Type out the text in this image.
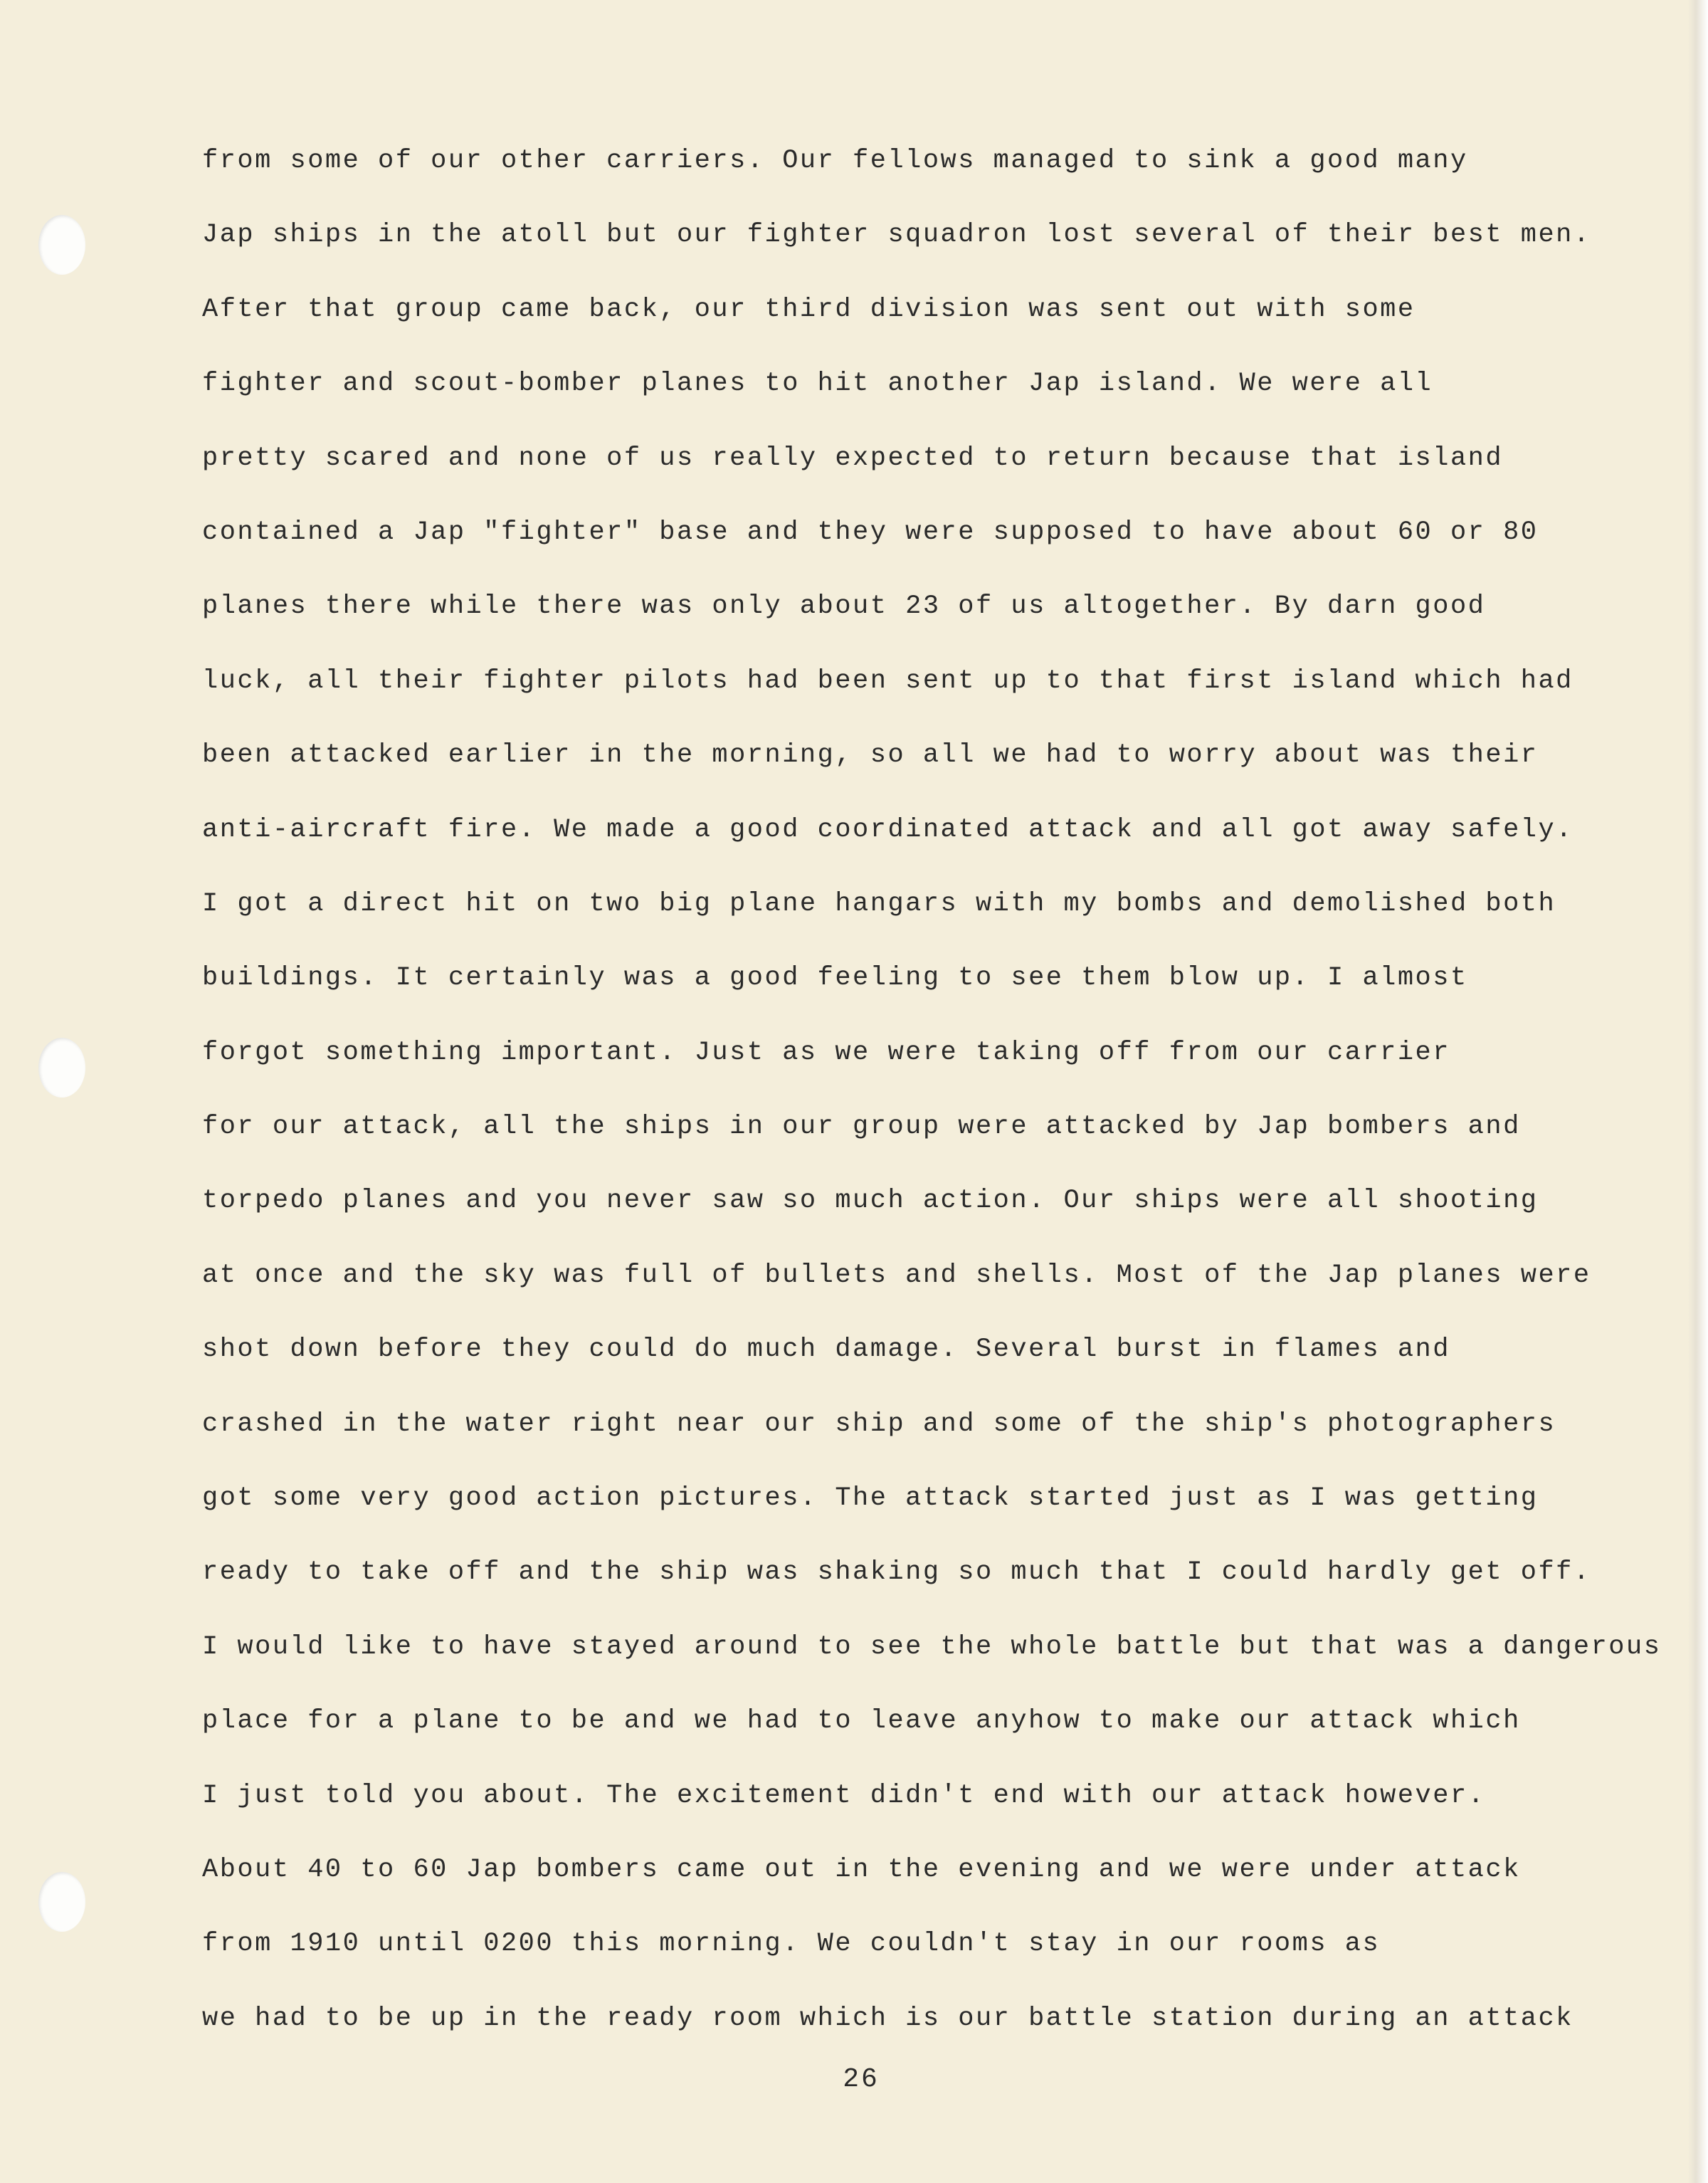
from some of our other carriers. Our fellows managed to sink a good many
Jap ships in the atoll but our fighter squadron lost several of their best men.
After that group came back, our third division was sent out with some
fighter and scout-bomber planes to hit another Jap island. We were all
pretty scared and none of us really expected to return because that island
contained a Jap "fighter" base and they were supposed to have about 60 or 80
planes there while there was only about 23 of us altogether. By darn good
luck, all their fighter pilots had been sent up to that first island which had
been attacked earlier in the morning, so all we had to worry about was their
anti-aircraft fire. We made a good coordinated attack and all got away safely.
I got a direct hit on two big plane hangars with my bombs and demolished both
buildings. It certainly was a good feeling to see them blow up. I almost
forgot something important. Just as we were taking off from our carrier
for our attack, all the ships in our group were attacked by Jap bombers and
torpedo planes and you never saw so much action. Our ships were all shooting
at once and the sky was full of bullets and shells. Most of the Jap planes were
shot down before they could do much damage. Several burst in flames and
crashed in the water right near our ship and some of the ship's photographers
got some very good action pictures. The attack started just as I was getting
ready to take off and the ship was shaking so much that I could hardly get off.
I would like to have stayed around to see the whole battle but that was a dangerous
place for a plane to be and we had to leave anyhow to make our attack which
I just told you about. The excitement didn't end with our attack however.
About 40 to 60 Jap bombers came out in the evening and we were under attack
from 1910 until 0200 this morning. We couldn't stay in our rooms as
we had to be up in the ready room which is our battle station during an attack
26
